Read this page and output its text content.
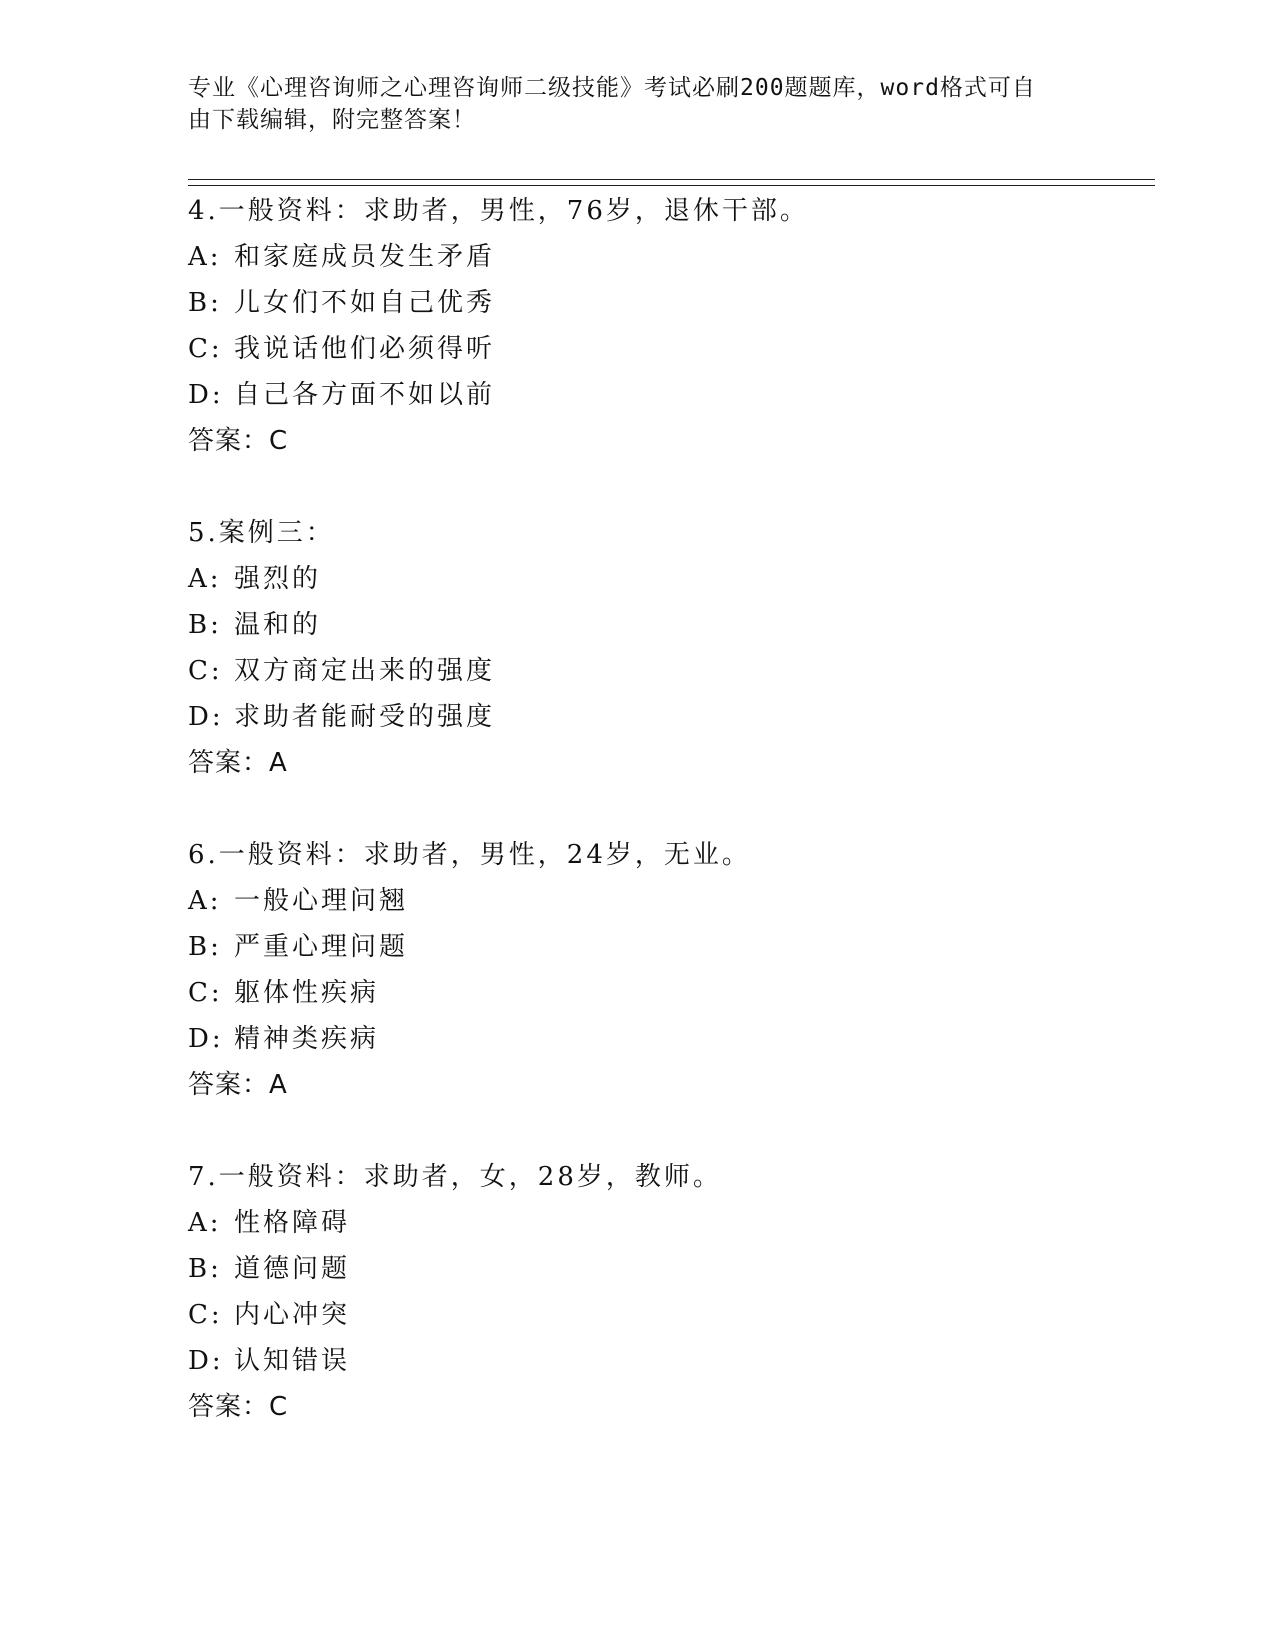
专业《心理咨询师之心理咨询师二级技能》考试必刷200题题库，word格式可自
由下载编辑，附完整答案！
4.一般资料：求助者，男性，76岁，退休干部。
A: 和家庭成员发生矛盾
B: 儿女们不如自己优秀
C: 我说话他们必须得听
D: 自己各方面不如以前
答案：C
5.案例三：
A: 强烈的
B: 温和的
C: 双方商定出来的强度
D: 求助者能耐受的强度
答案：A
6.一般资料：求助者，男性，24岁，无业。
A: 一般心理问翘
B: 严重心理问题
C: 躯体性疾病
D: 精神类疾病
答案：A
7.一般资料：求助者，女，28岁，教师。
A: 性格障碍
B: 道德问题
C: 内心冲突
D: 认知错误
答案：C
